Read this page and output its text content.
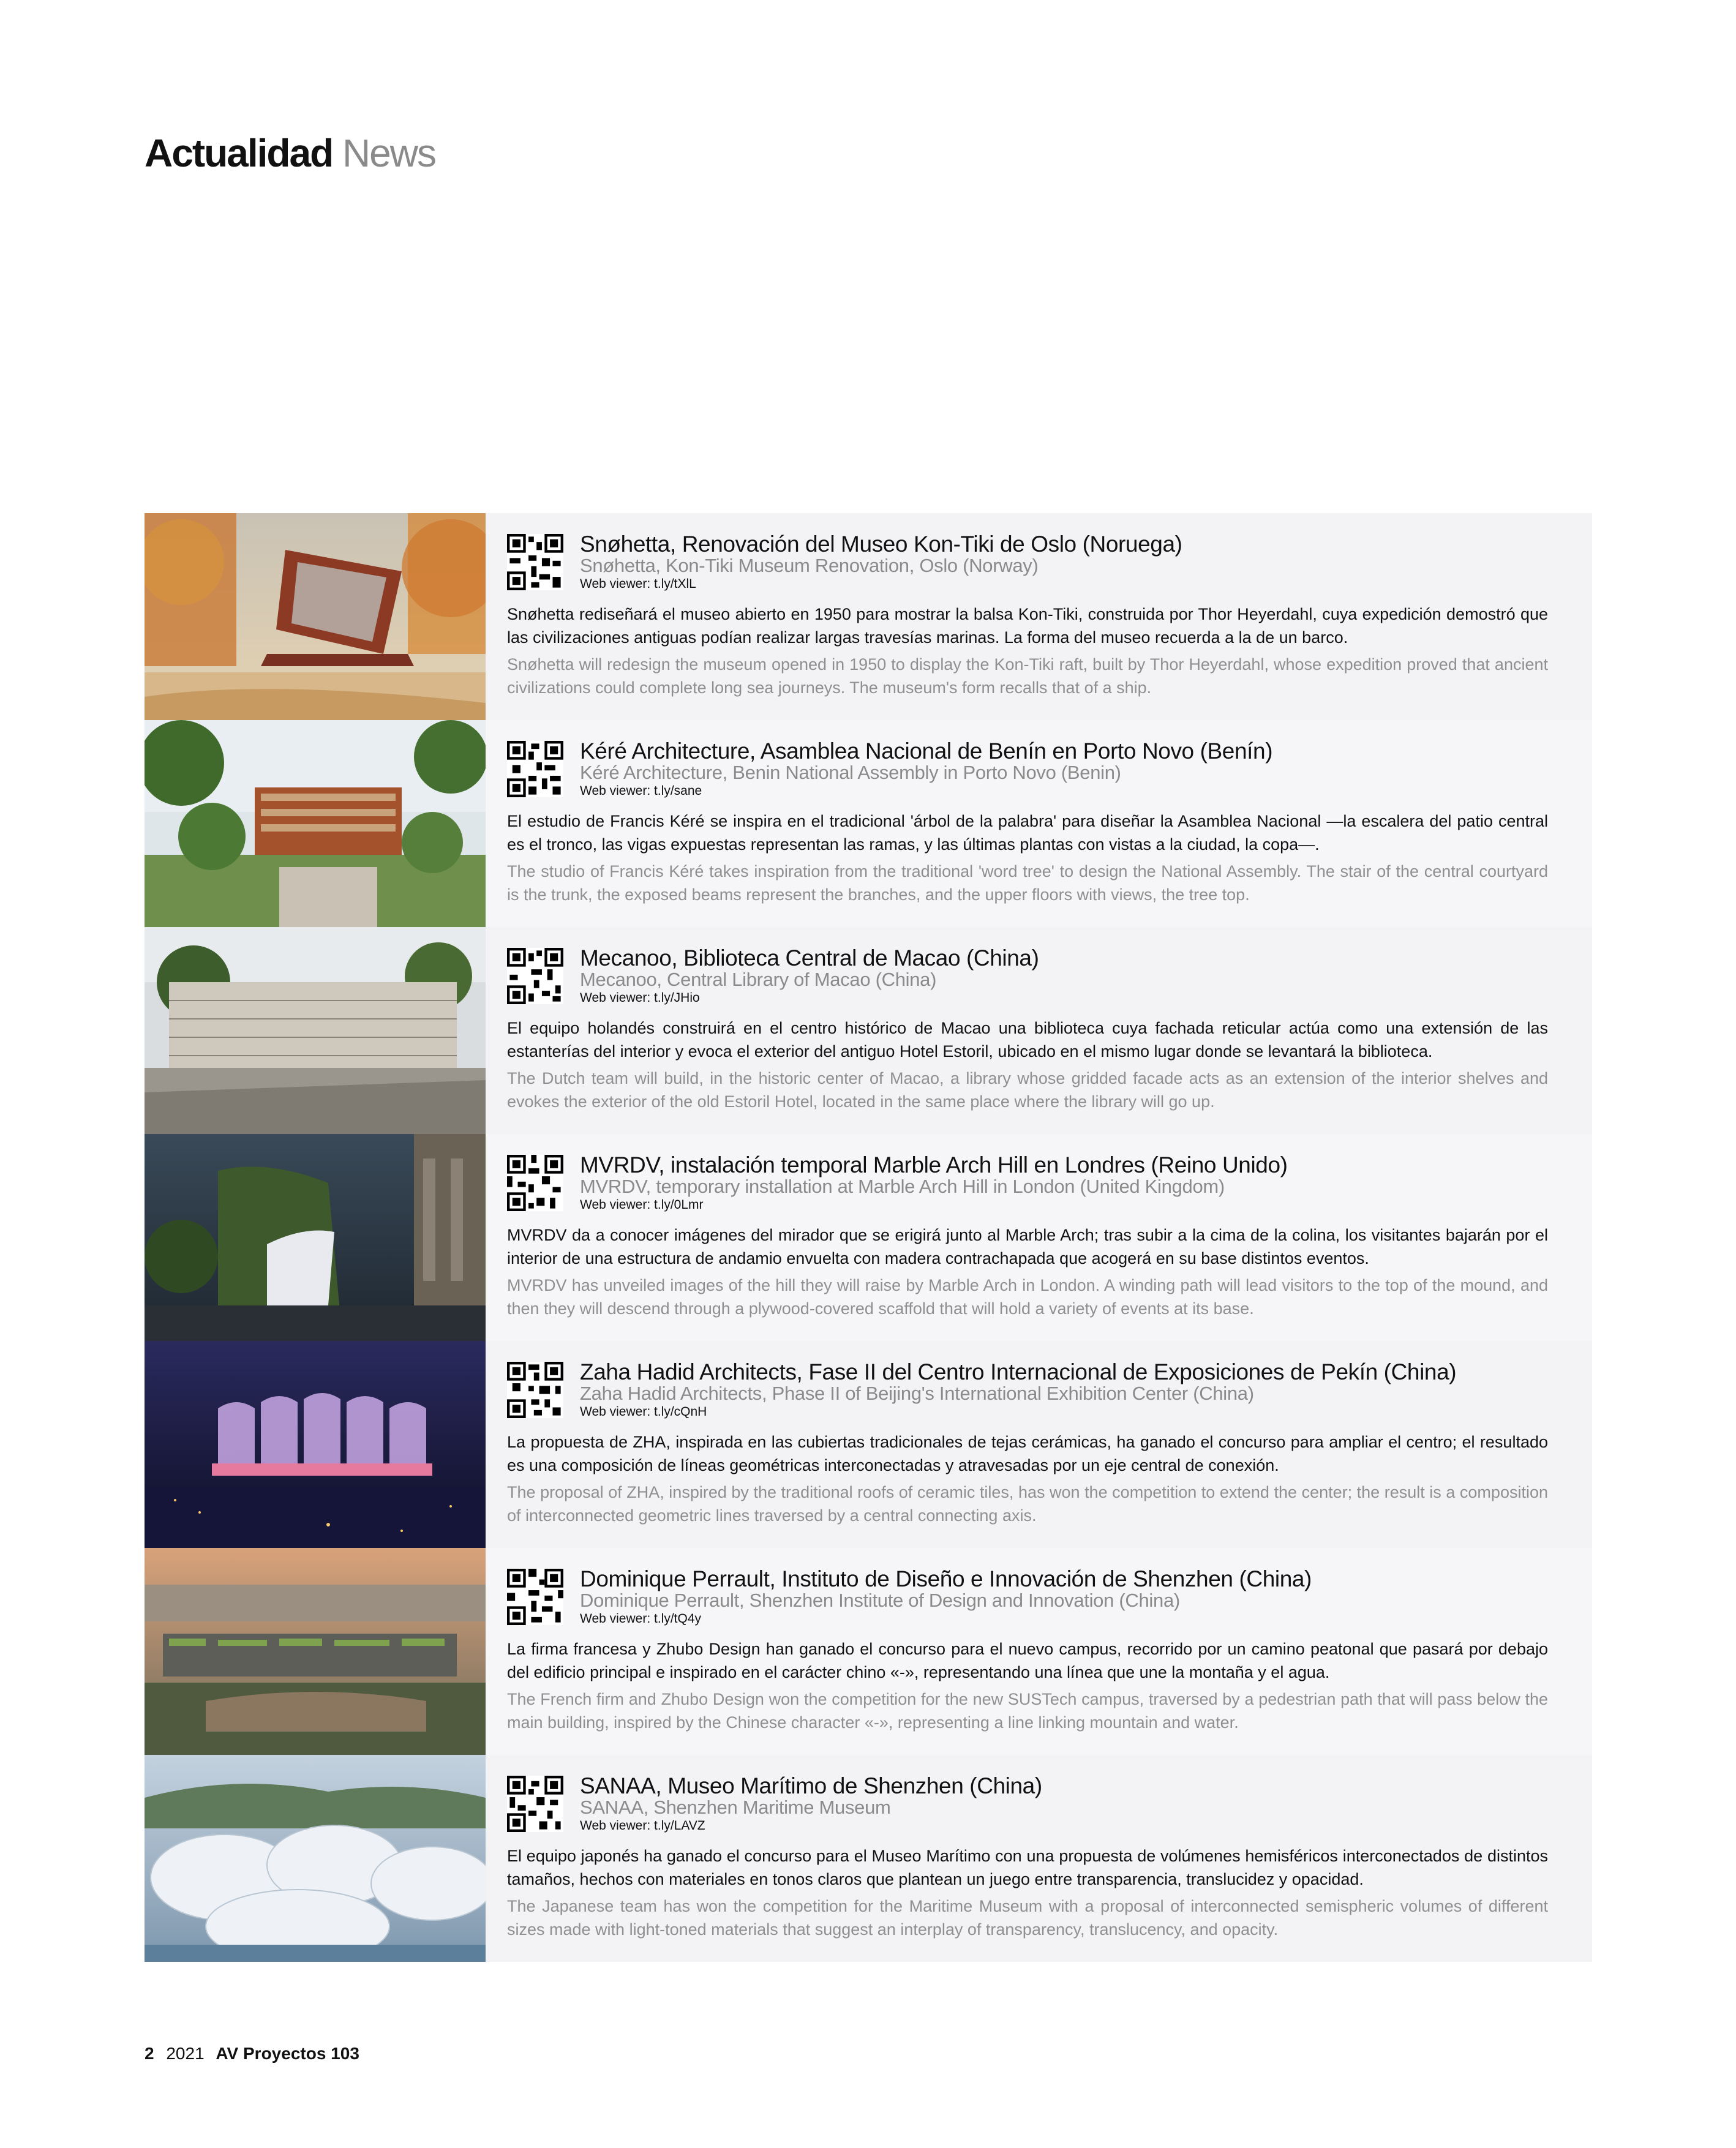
Actualidad News
Snøhetta, Renovación del Museo Kon-Tiki de Oslo (Noruega)
Snøhetta, Kon-Tiki Museum Renovation, Oslo (Norway)
Web viewer: t.ly/tXlL
Snøhetta rediseñará el museo abierto en 1950 para mostrar la balsa Kon-Tiki, construida por Thor Heyerdahl, cuya expedición demostró que las civilizaciones antiguas podían realizar largas travesías marinas. La forma del museo recuerda a la de un barco.
Snøhetta will redesign the museum opened in 1950 to display the Kon-Tiki raft, built by Thor Heyerdahl, whose expedition proved that ancient civilizations could complete long sea journeys. The museum's form recalls that of a ship.
Kéré Architecture, Asamblea Nacional de Benín en Porto Novo (Benín)
Kéré Architecture, Benin National Assembly in Porto Novo (Benin)
Web viewer: t.ly/sane
El estudio de Francis Kéré se inspira en el tradicional 'árbol de la palabra' para diseñar la Asamblea Nacional —la escalera del patio central es el tronco, las vigas expuestas representan las ramas, y las últimas plantas con vistas a la ciudad, la copa—.
The studio of Francis Kéré takes inspiration from the traditional 'word tree' to design the National Assembly. The stair of the central courtyard is the trunk, the exposed beams represent the branches, and the upper floors with views, the tree top.
Mecanoo, Biblioteca Central de Macao (China)
Mecanoo, Central Library of Macao (China)
Web viewer: t.ly/JHio
El equipo holandés construirá en el centro histórico de Macao una biblioteca cuya fachada reticular actúa como una extensión de las estanterías del interior y evoca el exterior del antiguo Hotel Estoril, ubicado en el mismo lugar donde se levantará la biblioteca.
The Dutch team will build, in the historic center of Macao, a library whose gridded facade acts as an extension of the interior shelves and evokes the exterior of the old Estoril Hotel, located in the same place where the library will go up.
MVRDV, instalación temporal Marble Arch Hill en Londres (Reino Unido)
MVRDV, temporary installation at Marble Arch Hill in London (United Kingdom)
Web viewer: t.ly/0Lmr
MVRDV da a conocer imágenes del mirador que se erigirá junto al Marble Arch; tras subir a la cima de la colina, los visitantes bajarán por el interior de una estructura de andamio envuelta con madera contrachapada que acogerá en su base distintos eventos.
MVRDV has unveiled images of the hill they will raise by Marble Arch in London. A winding path will lead visitors to the top of the mound, and then they will descend through a plywood-covered scaffold that will hold a variety of events at its base.
Zaha Hadid Architects, Fase II del Centro Internacional de Exposiciones de Pekín (China)
Zaha Hadid Architects, Phase II of Beijing's International Exhibition Center (China)
Web viewer: t.ly/cQnH
La propuesta de ZHA, inspirada en las cubiertas tradicionales de tejas cerámicas, ha ganado el concurso para ampliar el centro; el resultado es una composición de líneas geométricas interconectadas y atravesadas por un eje central de conexión.
The proposal of ZHA, inspired by the traditional roofs of ceramic tiles, has won the competition to extend the center; the result is a composition of interconnected geometric lines traversed by a central connecting axis.
Dominique Perrault, Instituto de Diseño e Innovación de Shenzhen (China)
Dominique Perrault, Shenzhen Institute of Design and Innovation (China)
Web viewer: t.ly/tQ4y
La firma francesa y Zhubo Design han ganado el concurso para el nuevo campus, recorrido por un camino peatonal que pasará por debajo del edificio principal e inspirado en el carácter chino «-», representando una línea que une la montaña y el agua.
The French firm and Zhubo Design won the competition for the new SUSTech campus, traversed by a pedestrian path that will pass below the main building, inspired by the Chinese character «-», representing a line linking mountain and water.
SANAA, Museo Marítimo de Shenzhen (China)
SANAA, Shenzhen Maritime Museum
Web viewer: t.ly/LAVZ
El equipo japonés ha ganado el concurso para el Museo Marítimo con una propuesta de volúmenes hemisféricos interconectados de distintos tamaños, hechos con materiales en tonos claros que plantean un juego entre transparencia, translucidez y opacidad.
The Japanese team has won the competition for the Maritime Museum with a proposal of interconnected semispheric volumes of different sizes made with light-toned materials that suggest an interplay of transparency, translucency, and opacity.
2 2021 AV Proyectos 103
